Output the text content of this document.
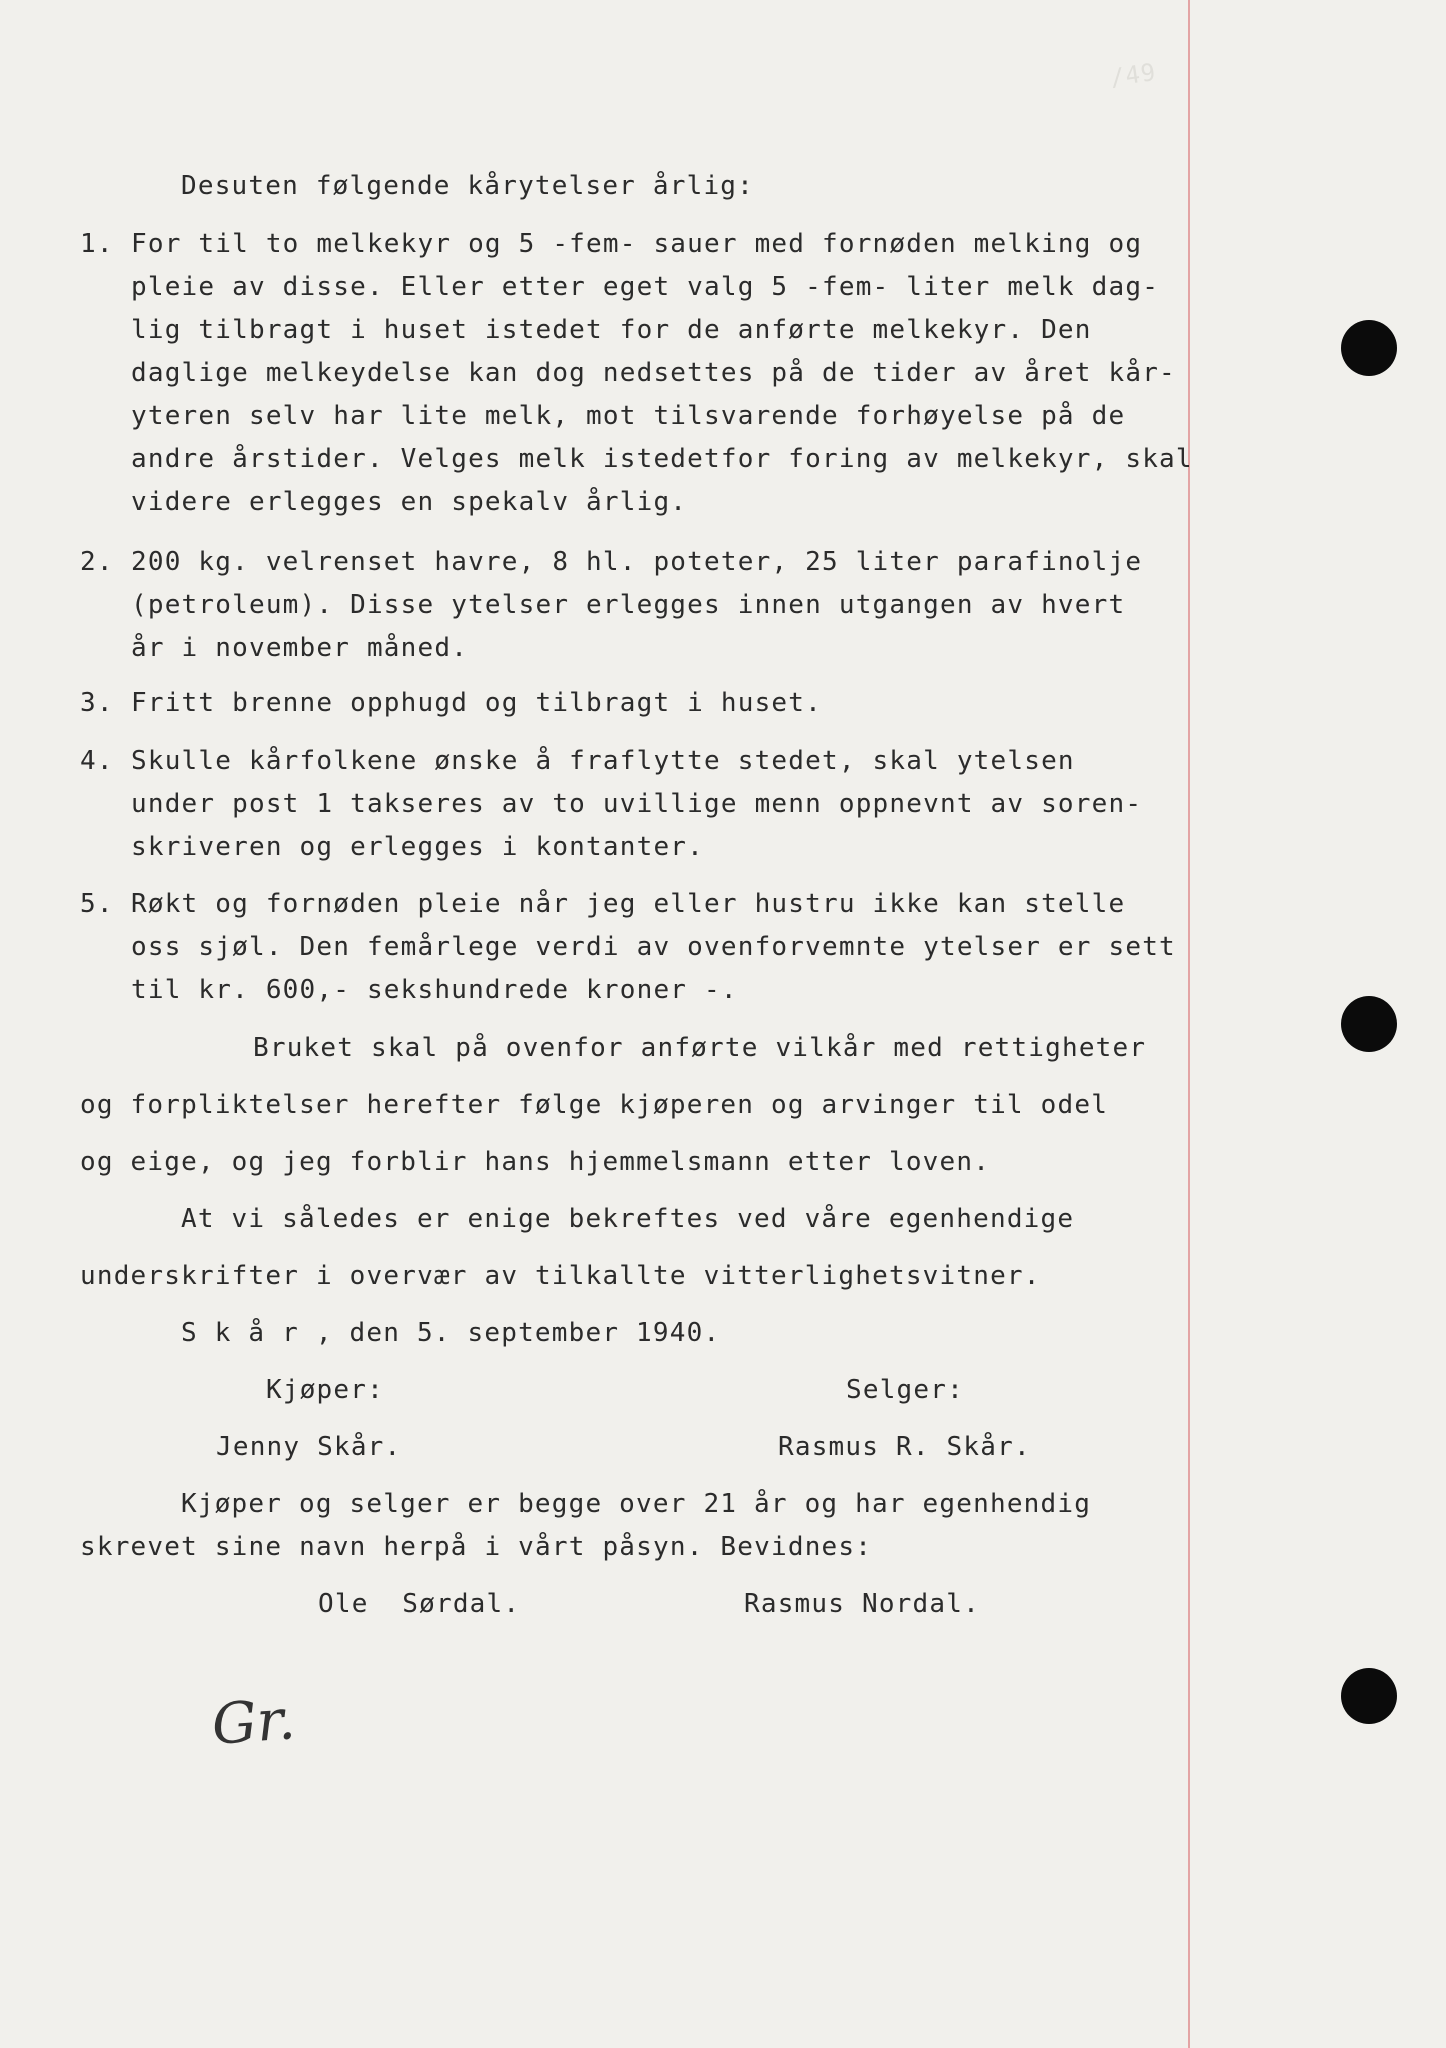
/49
Desuten følgende kårytelser årlig:
1. For til to melkekyr og 5 -fem- sauer med fornøden melking og
pleie av disse. Eller etter eget valg 5 -fem- liter melk dag-
lig tilbragt i huset istedet for de anførte melkekyr. Den
daglige melkeydelse kan dog nedsettes på de tider av året kår-
yteren selv har lite melk, mot tilsvarende forhøyelse på de
andre årstider. Velges melk istedetfor foring av melkekyr, skal
videre erlegges en spekalv årlig.
2. 200 kg. velrenset havre, 8 hl. poteter, 25 liter parafinolje
(petroleum). Disse ytelser erlegges innen utgangen av hvert
år i november måned.
3. Fritt brenne opphugd og tilbragt i huset.
4. Skulle kårfolkene ønske å fraflytte stedet, skal ytelsen
under post 1 takseres av to uvillige menn oppnevnt av soren-
skriveren og erlegges i kontanter.
5. Røkt og fornøden pleie når jeg eller hustru ikke kan stelle
oss sjøl. Den femårlege verdi av ovenforvemnte ytelser er sett
til kr. 600,- sekshundrede kroner -.
Bruket skal på ovenfor anførte vilkår med rettigheter
og forpliktelser herefter følge kjøperen og arvinger til odel
og eige, og jeg forblir hans hjemmelsmann etter loven.
At vi således er enige bekreftes ved våre egenhendige
underskrifter i overvær av tilkallte vitterlighetsvitner.
S k å r , den 5. september 1940.
Kjøper:	Selger:
Jenny Skår.	Rasmus R. Skår.
Kjøper og selger er begge over 21 år og har egenhendig
skrevet sine navn herpå i vårt påsyn. Bevidnes:
Ole  Sørdal.	Rasmus Nordal.
Gr.
